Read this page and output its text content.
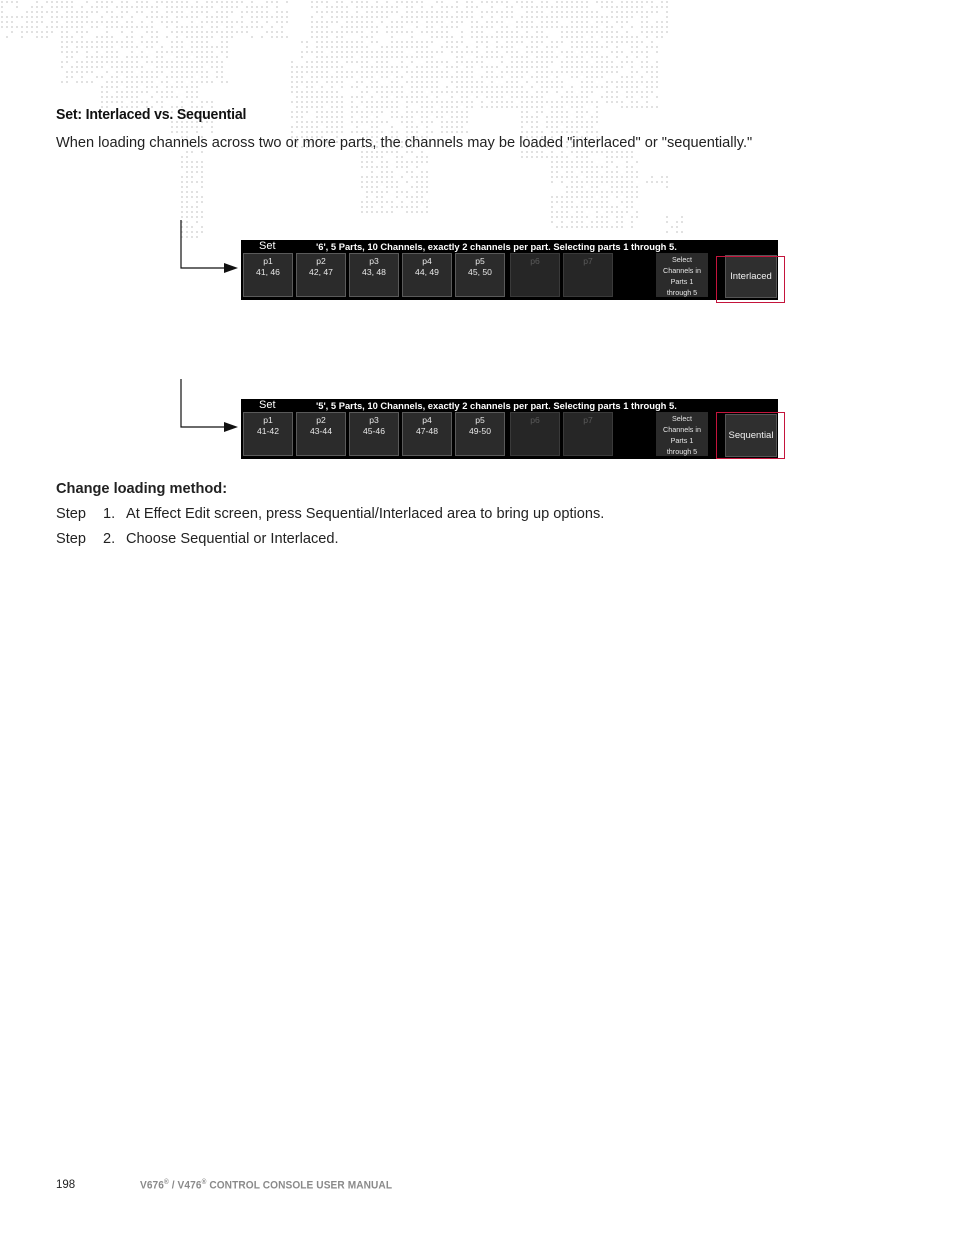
Set: Interlaced vs. Sequential

When loading channels across two or more parts, the channels may be loaded "interlaced" or "sequentially."

Set	'6', 5 Parts, 10 Channels, exactly 2 channels per part. Selecting parts 1 through 5.
p1
41, 46
p2
42, 47
p3
43, 48
p4
44, 49
p5
45, 50
p6	p7	Select
Channels in
Parts 1
through 5
Interlaced
Set	'5', 5 Parts, 10 Channels, exactly 2 channels per part. Selecting parts 1 through 5.
p1
41-42
p2
43-44
p3
45-46
p4
47-48
p5
49-50
p6	p7	Select
Channels in
Parts 1
through 5
Sequential
Change loading method:
Step 1. At Effect Edit screen, press Sequential/Interlaced area to bring up options.
Step 2. Choose Sequential or Interlaced.
198	V676® / V476® CONTROL CONSOLE USER MANUAL
